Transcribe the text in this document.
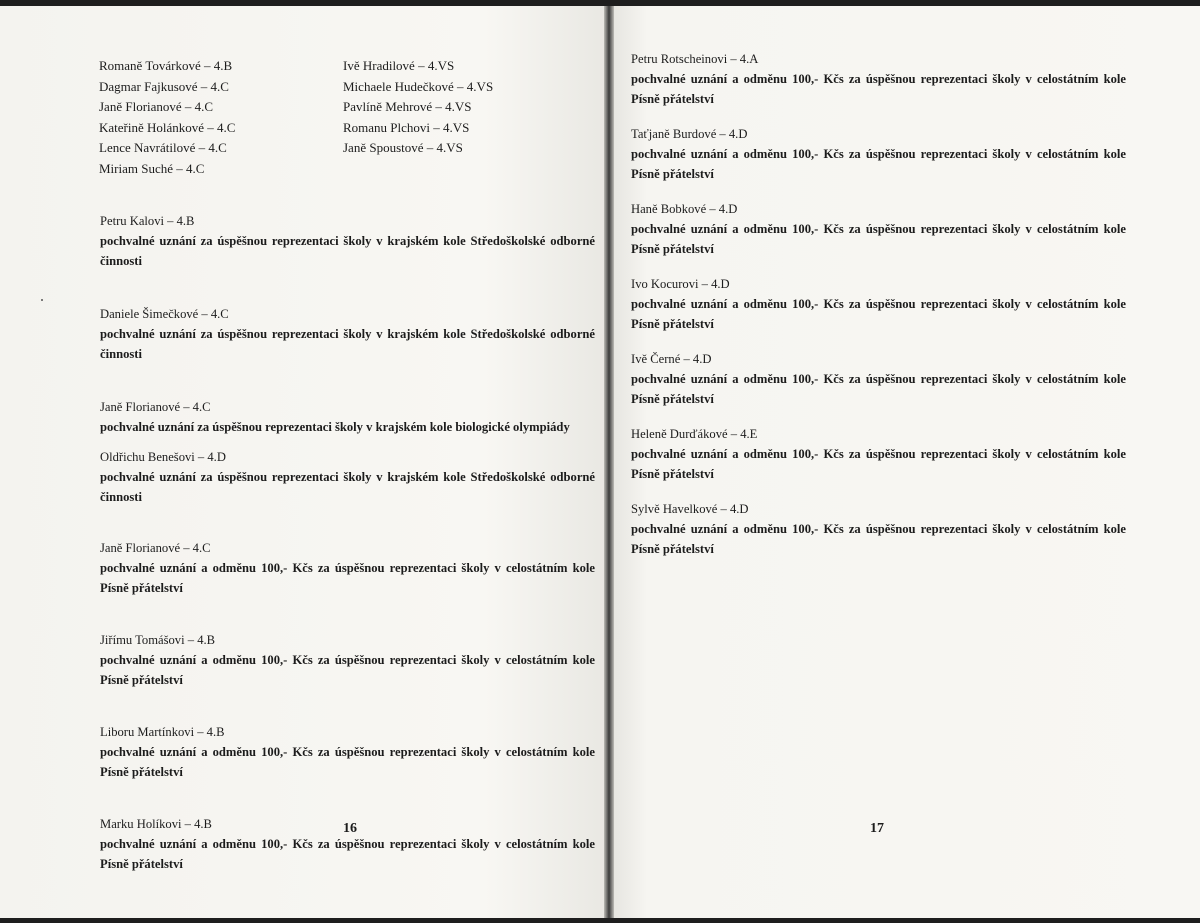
Romaně Továrkové – 4.B
Dagmar Fajkusové – 4.C
Janě Florianové – 4.C
Kateřině Holánkové – 4.C
Lence Navrátilové – 4.C
Miriam Suché – 4.C
Ivě Hradilové – 4.VS
Michaele Hudečkové – 4.VS
Pavlíně Mehrové – 4.VS
Romanu Plchovi – 4.VS
Janě Spoustové – 4.VS
Petru Kalovi – 4.B
pochvalné uznání za úspěšnou reprezentaci školy v krajském kole Středoškolské odborné činnosti
Daniele Šimečkové – 4.C
pochvalné uznání za úspěšnou reprezentaci školy v krajském kole Středoškolské odborné činnosti
Janě Florianové – 4.C
pochvalné uznání za úspěšnou reprezentaci školy v krajském kole biologické olympiády
Oldřichu Benešovi – 4.D
pochvalné uznání za úspěšnou reprezentaci školy v krajském kole Středoškolské odborné činnosti
Janě Florianové – 4.C
pochvalné uznání a odměnu 100,- Kčs za úspěšnou reprezentaci školy v celostátním kole Písně přátelství
Jiřímu Tomášovi – 4.B
pochvalné uznání a odměnu 100,- Kčs za úspěšnou reprezentaci školy v celostátním kole Písně přátelství
Liboru Martínkovi – 4.B
pochvalné uznání a odměnu 100,- Kčs za úspěšnou reprezentaci školy v celostátním kole Písně přátelství
Marku Holíkovi – 4.B
pochvalné uznání a odměnu 100,- Kčs za úspěšnou reprezentaci školy v celostátním kole Písně přátelství
Petru Rotscheinovi – 4.A
pochvalné uznání a odměnu 100,- Kčs za úspěšnou reprezentaci školy v celostátním kole Písně přátelství
Taťjaně Burdové – 4.D
pochvalné uznání a odměnu 100,- Kčs za úspěšnou reprezentaci školy v celostátním kole Písně přátelství
Haně Bobkové – 4.D
pochvalné uznání a odměnu 100,- Kčs za úspěšnou reprezentaci školy v celostátním kole Písně přátelství
Ivo Kocurovi – 4.D
pochvalné uznání a odměnu 100,- Kčs za úspěšnou reprezentaci školy v celostátním kole Písně přátelství
Ivě Černé – 4.D
pochvalné uznání a odměnu 100,- Kčs za úspěšnou reprezentaci školy v celostátním kole Písně přátelství
Heleně Durďákové – 4.E
pochvalné uznání a odměnu 100,- Kčs za úspěšnou reprezentaci školy v celostátním kole Písně přátelství
Sylvě Havelkové – 4.D
pochvalné uznání a odměnu 100,- Kčs za úspěšnou reprezentaci školy v celostátním kole Písně přátelství
16	17
